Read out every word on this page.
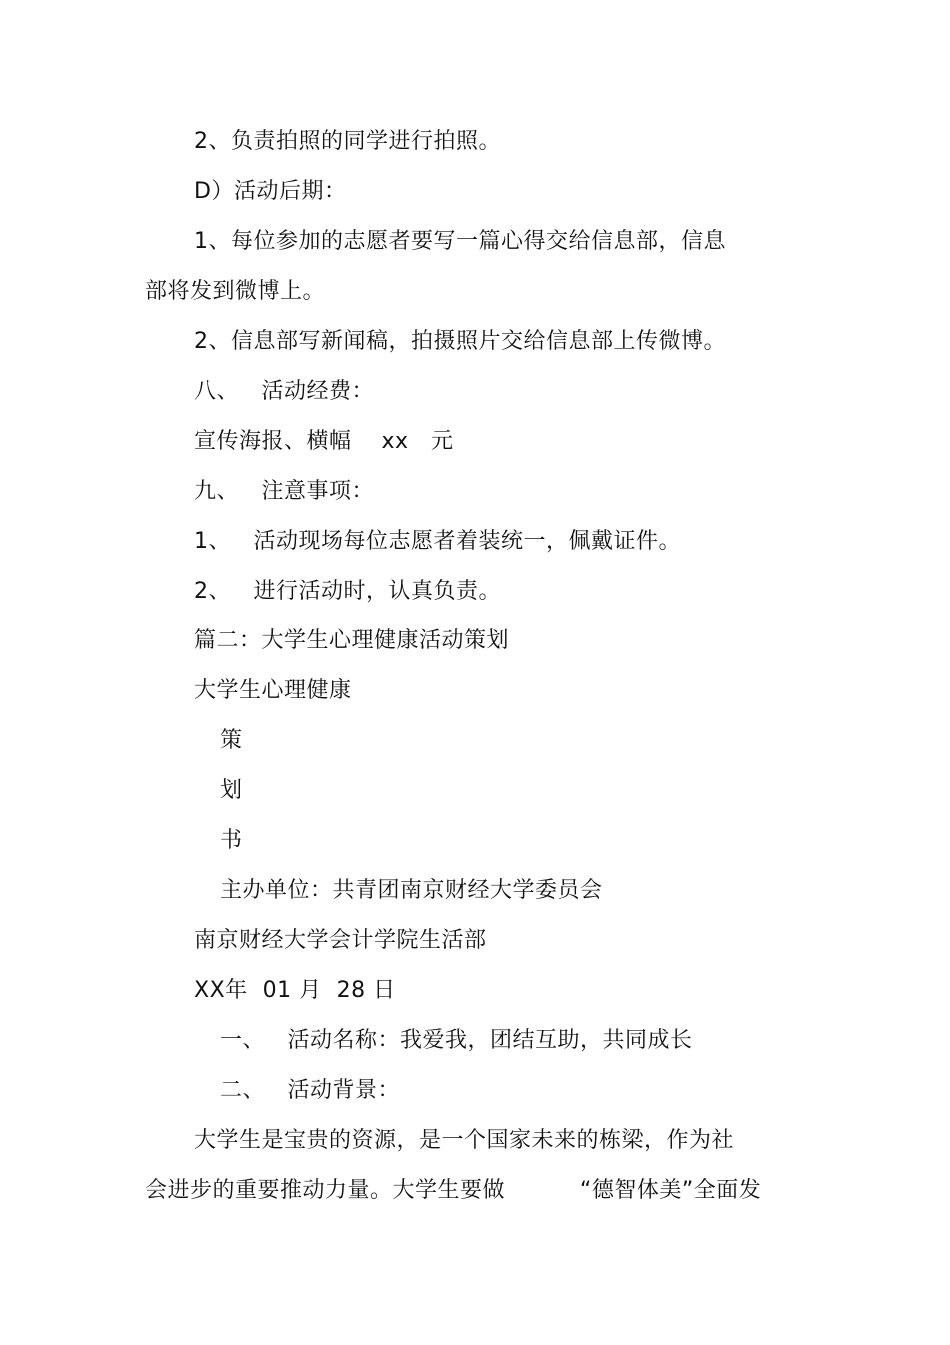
2、负责拍照的同学进行拍照。
D）活动后期：
1、每位参加的志愿者要写一篇心得交给信息部，信息
部将发到微博上。
2、信息部写新闻稿，拍摄照片交给信息部上传微博。
八、   活动经费：
宣传海报、横幅    xx   元
九、   注意事项：
1、   活动现场每位志愿者着装统一，佩戴证件。
2、   进行活动时，认真负责。
篇二：大学生心理健康活动策划
大学生心理健康
策
划
书
主办单位：共青团南京财经大学委员会
南京财经大学会计学院生活部
XX年  01 月  28 日
一、   活动名称：我爱我，团结互助，共同成长
二、   活动背景：
大学生是宝贵的资源，是一个国家未来的栋梁，作为社
会进步的重要推动力量。大学生要做          “德智体美”全面发
